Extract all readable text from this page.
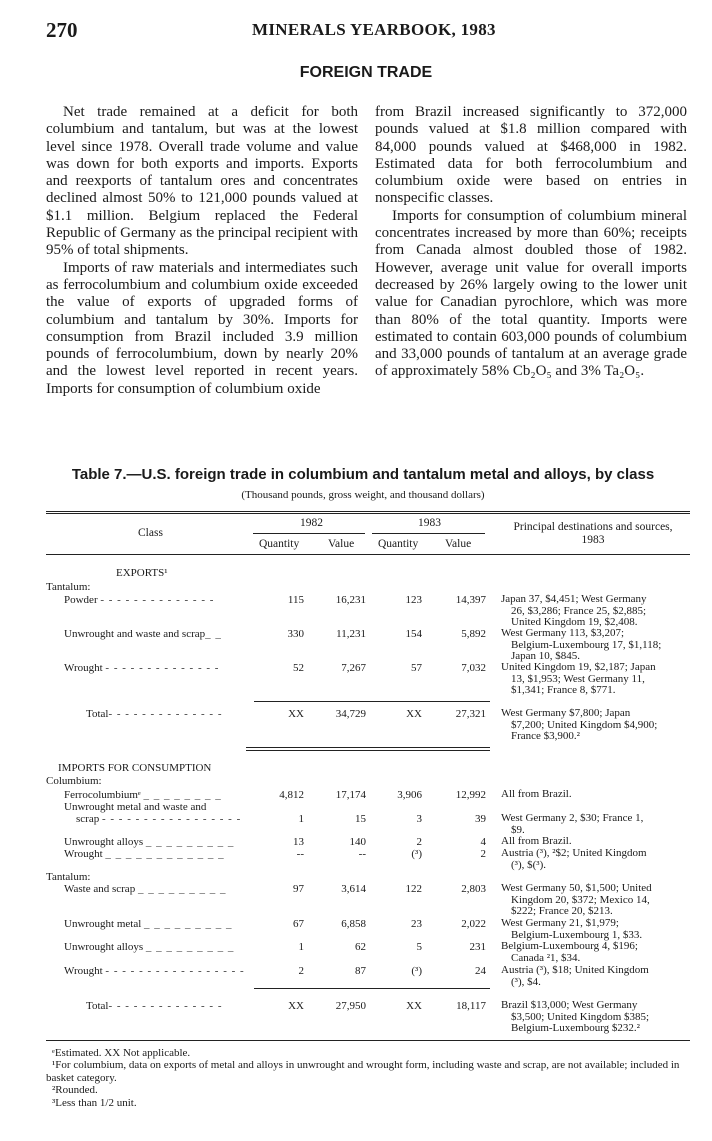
270	MINERALS YEARBOOK, 1983
FOREIGN TRADE

Net trade remained at a deficit for both columbium and tantalum, but was at the lowest level since 1978. Overall trade volume and value was down for both exports and imports. Exports and reexports of tantalum ores and concentrates declined almost 50% to 121,000 pounds valued at $1.1 million. Belgium replaced the Federal Republic of Germany as the principal recipient with 95% of total shipments.

Imports of raw materials and intermediates such as ferrocolumbium and columbium oxide exceeded the value of exports of upgraded forms of columbium and tantalum by 30%. Imports for consumption from Brazil included 3.9 million pounds of ferrocolumbium, down by nearly 20% and the lowest level reported in recent years. Imports for consumption of columbium oxide

from Brazil increased significantly to 372,000 pounds valued at $1.8 million compared with 84,000 pounds valued at $468,000 in 1982. Estimated data for both ferrocolumbium and columbium oxide were based on entries in nonspecific classes.

Imports for consumption of columbium mineral concentrates increased by more than 60%; receipts from Canada almost doubled those of 1982. However, average unit value for overall imports decreased by 26% largely owing to the lower unit value for Canadian pyrochlore, which was more than 80% of the total quantity. Imports were estimated to contain 603,000 pounds of columbium and 33,000 pounds of tantalum at an average grade of approximately 58% Cb₂O₅ and 3% Ta₂O₅.

Table 7.—U.S. foreign trade in columbium and tantalum metal and alloys, by class
(Thousand pounds, gross weight, and thousand dollars)
Class
1982	1983
Quantity	Value Quantity Value
Principal destinations and sources, 1983
EXPORTS¹
Tantalum:
Powder - - - - - - - - - - - - - -	115	16,231	123	14,397 Japan 37, $4,451; West Germany
26, $3,286; France 25, $2,885;
United Kingdom 19, $2,408.
Unwrought and waste and scrap_ _	330	11,231	154	5,892 West Germany 113, $3,207;
Belgium-Luxembourg 17, $1,118;
Japan 10, $845.
Wrought - - - - - - - - - - - - - -	52	7,267	57	7,032 United Kingdom 19, $2,187; Japan
13, $1,953; West Germany 11,
$1,341; France 8, $771.
Total- - - - - - - - - - - - - -	XX	34,729	XX	27,321 West Germany $7,800; Japan
$7,200; United Kingdom $4,900;
France $3,900.²
IMPORTS FOR CONSUMPTION
Columbium:
Ferrocolumbiumᵉ _ _ _ _ _ _ _ _	4,812	17,174	3,906	12,992 All from Brazil.
Unwrought metal and waste and
scrap - - - - - - - - - - - - - - - - -	1	15	3	39 West Germany 2, $30; France 1,
$9.
Unwrought alloys _ _ _ _ _ _ _ _ _	13	140	2	4 All from Brazil.
Wrought _ _ _ _ _ _ _ _ _ _ _ _	--	--	(³)	2 Austria (³), ²$2; United Kingdom
(³), $(³).
Tantalum:
Waste and scrap _ _ _ _ _ _ _ _ _	97	3,614	122	2,803 West Germany 50, $1,500; United
Kingdom 20, $372; Mexico 14,
$222; France 20, $213.
Unwrought metal _ _ _ _ _ _ _ _ _	67	6,858	23	2,022 West Germany 21, $1,979;
Belgium-Luxembourg 1, $33.
Unwrought alloys _ _ _ _ _ _ _ _ _	1	62	5	231 Belgium-Luxembourg 4, $196;
Canada ²1, $34.
Wrought - - - - - - - - - - - - - - - - -	2	87	(³)	24 Austria (³), $18; United Kingdom
(³), $4.
Total- - - - - - - - - - - - - -	XX	27,950	XX	18,117 Brazil $13,000; West Germany
$3,500; United Kingdom $385;
Belgium-Luxembourg $232.²
ᵉEstimated. XX Not applicable.
¹For columbium, data on exports of metal and alloys in unwrought and wrought form, including waste and scrap, are not available; included in basket category.
²Rounded.
³Less than 1/2 unit.
